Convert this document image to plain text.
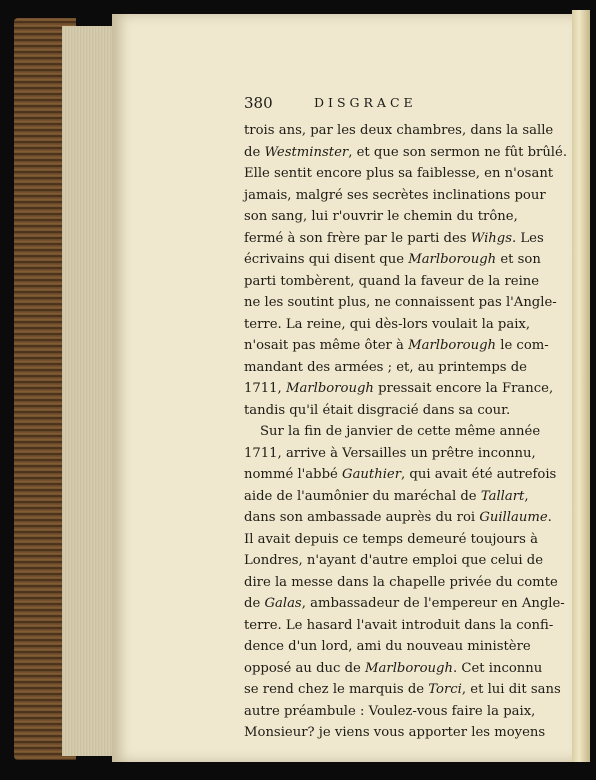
380	DISGRACE
trois ans, par les deux chambres, dans la salle
de Westminster, et que son sermon ne fût brûlé.
Elle sentit encore plus sa faiblesse, en n'osant
jamais, malgré ses secrètes inclinations pour
son sang, lui r'ouvrir le chemin du trône,
fermé à son frère par le parti des Wihgs. Les
écrivains qui disent que Marlborough et son
parti tombèrent, quand la faveur de la reine
ne les soutint plus, ne connaissent pas l'Angle-
terre. La reine, qui dès-lors voulait la paix,
n'osait pas même ôter à Marlborough le com-
mandant des armées ; et, au printemps de
1711, Marlborough pressait encore la France,
tandis qu'il était disgracié dans sa cour.
Sur la fin de janvier de cette même année
1711, arrive à Versailles un prêtre inconnu,
nommé l'abbé Gauthier, qui avait été autrefois
aide de l'aumônier du maréchal de Tallart,
dans son ambassade auprès du roi Guillaume.
Il avait depuis ce temps demeuré toujours à
Londres, n'ayant d'autre emploi que celui de
dire la messe dans la chapelle privée du comte
de Galas, ambassadeur de l'empereur en Angle-
terre. Le hasard l'avait introduit dans la confi-
dence d'un lord, ami du nouveau ministère
opposé au duc de Marlborough. Cet inconnu
se rend chez le marquis de Torci, et lui dit sans
autre préambule : Voulez-vous faire la paix,
Monsieur? je viens vous apporter les moyens
